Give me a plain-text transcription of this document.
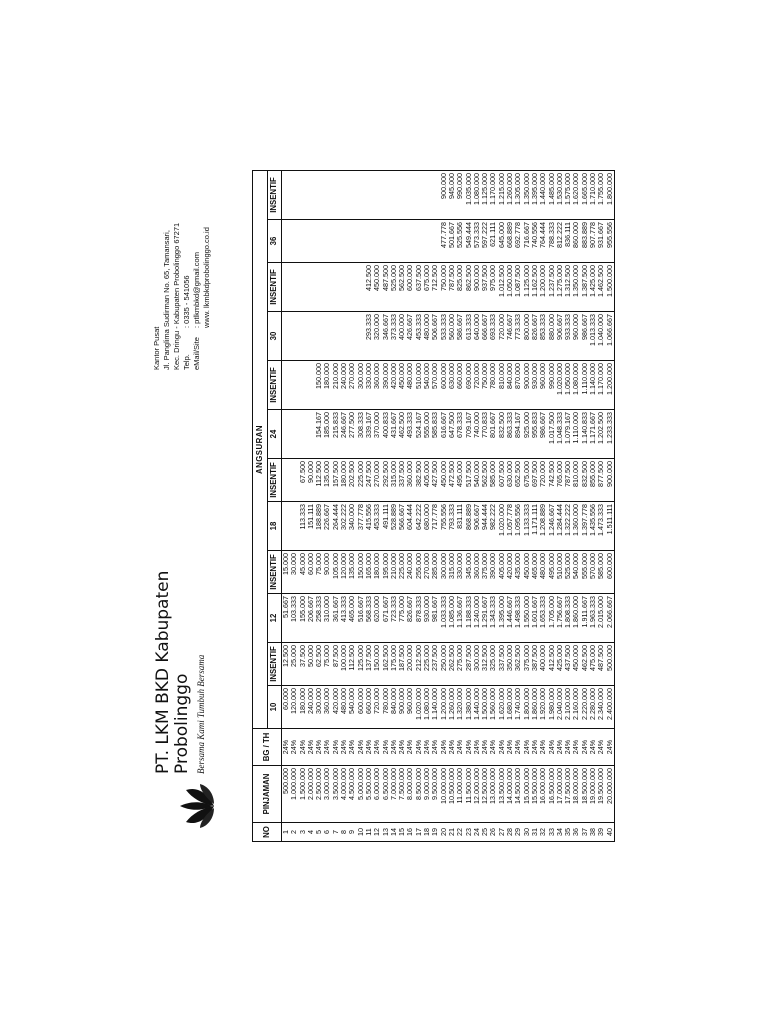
PT. LKM BKD Kabupaten Probolinggo Bersama Kami Tumbuh Bersama
Kantor Pusat Jl. Panglima Sudirman No. 65, Tamansari, Kec. Dringu - Kabupaten Probolinggo 67271 Telp.
: 0335 - 541056
eMail/Site
: ptlkmbkd@gmail.com www. lkmbkdprobolinggo.co.id
NO	PINJAMAN	BG / TH	ANGSURAN											
			10	INSENTIF	12	INSENTIF	18	INSENTIF	24	INSENTIF	30	INSENTIF	36	INSENTIF
1	500.000	24%	60.000	12.500	51.667	15.000								
2	1.000.000	24%	120.000	25.000	103.333	30.000								
3	1.500.000	24%	180.000	37.500	155.000	45.000	113.333	67.500						
4	2.000.000	24%	240.000	50.000	206.667	60.000	151.111	90.000						
5	2.500.000	24%	300.000	62.500	258.333	75.000	188.889	112.500	154.167	150.000				
6	3.000.000	24%	360.000	75.000	310.000	90.000	226.667	135.000	185.000	180.000				
7	3.500.000	24%	420.000	87.500	361.667	105.000	264.444	157.500	215.833	210.000				
8	4.000.000	24%	480.000	100.000	413.333	120.000	302.222	180.000	246.667	240.000				
9	4.500.000	24%	540.000	112.500	465.000	135.000	340.000	202.500	277.500	270.000				
10	5.000.000	24%	600.000	125.000	516.667	150.000	377.778	225.000	308.333	300.000				
11	5.500.000	24%	660.000	137.500	568.333	165.000	415.556	247.500	339.167	330.000	293.333	412.500		
12	6.000.000	24%	720.000	150.000	620.000	180.000	453.333	270.000	370.000	360.000	320.000	450.000		
13	6.500.000	24%	780.000	162.500	671.667	195.000	491.111	292.500	400.833	390.000	346.667	487.500		
14	7.000.000	24%	840.000	175.000	723.333	210.000	528.889	315.000	431.667	420.000	373.333	525.000		
15	7.500.000	24%	900.000	187.500	775.000	225.000	566.667	337.500	462.500	450.000	400.000	562.500		
16	8.000.000	24%	960.000	200.000	826.667	240.000	604.444	360.000	493.333	480.000	426.667	600.000		
17	8.500.000	24%	1.020.000	212.500	878.333	255.000	642.222	382.500	524.167	510.000	453.333	637.500		
18	9.000.000	24%	1.080.000	225.000	930.000	270.000	680.000	405.000	555.000	540.000	480.000	675.000		
19	9.500.000	24%	1.140.000	237.500	981.667	285.000	717.778	427.500	585.833	570.000	506.667	712.500		
20	10.000.000	24%	1.200.000	250.000	1.033.333	300.000	755.556	450.000	616.667	600.000	533.333	750.000	477.778	900.000
21	10.500.000	24%	1.260.000	262.500	1.085.000	315.000	793.333	472.500	647.500	630.000	560.000	787.500	501.667	945.000
22	11.000.000	24%	1.320.000	275.000	1.136.667	330.000	831.111	495.000	678.333	660.000	586.667	825.000	525.556	990.000
23	11.500.000	24%	1.380.000	287.500	1.188.333	345.000	868.889	517.500	709.167	690.000	613.333	862.500	549.444	1.035.000
24	12.000.000	24%	1.440.000	300.000	1.240.000	360.000	906.667	540.000	740.000	720.000	640.000	900.000	573.333	1.080.000
25	12.500.000	24%	1.500.000	312.500	1.291.667	375.000	944.444	562.500	770.833	750.000	666.667	937.500	597.222	1.125.000
26	13.000.000	24%	1.560.000	325.000	1.343.333	390.000	982.222	585.000	801.667	780.000	693.333	975.000	621.111	1.170.000
27	13.500.000	24%	1.620.000	337.500	1.395.000	405.000	1.020.000	607.500	832.500	810.000	720.000	1.012.500	645.000	1.215.000
28	14.000.000	24%	1.680.000	350.000	1.446.667	420.000	1.057.778	630.000	863.333	840.000	746.667	1.050.000	668.889	1.260.000
29	14.500.000	24%	1.740.000	362.500	1.498.333	435.000	1.095.556	652.500	894.167	870.000	773.333	1.087.500	692.778	1.305.000
30	15.000.000	24%	1.800.000	375.000	1.550.000	450.000	1.133.333	675.000	925.000	900.000	800.000	1.125.000	716.667	1.350.000
31	15.500.000	24%	1.860.000	387.500	1.601.667	465.000	1.171.111	697.500	955.833	930.000	826.667	1.162.500	740.556	1.395.000
32	16.000.000	24%	1.920.000	400.000	1.653.333	480.000	1.208.889	720.000	986.667	960.000	853.333	1.200.000	764.444	1.440.000
33	16.500.000	24%	1.980.000	412.500	1.705.000	495.000	1.246.667	742.500	1.017.500	990.000	880.000	1.237.500	788.333	1.485.000
34	17.000.000	24%	2.040.000	425.000	1.756.667	510.000	1.284.444	765.000	1.048.333	1.020.000	906.667	1.275.000	812.222	1.530.000
35	17.500.000	24%	2.100.000	437.500	1.808.333	525.000	1.322.222	787.500	1.079.167	1.050.000	933.333	1.312.500	836.111	1.575.000
36	18.000.000	24%	2.160.000	450.000	1.860.000	540.000	1.360.000	810.000	1.110.000	1.080.000	960.000	1.350.000	860.000	1.620.000
37	18.500.000	24%	2.220.000	462.500	1.911.667	555.000	1.397.778	832.500	1.140.833	1.110.000	986.667	1.387.500	883.889	1.665.000
38	19.000.000	24%	2.280.000	475.000	1.963.333	570.000	1.435.556	855.000	1.171.667	1.140.000	1.013.333	1.425.000	907.778	1.710.000
39	19.500.000	24%	2.340.000	487.500	2.015.000	585.000	1.473.333	877.500	1.202.500	1.170.000	1.040.000	1.462.500	931.667	1.755.000
40	20.000.000	24%	2.400.000	500.000	2.066.667	600.000	1.511.111	900.000	1.233.333	1.200.000	1.066.667	1.500.000	955.556	1.800.000
